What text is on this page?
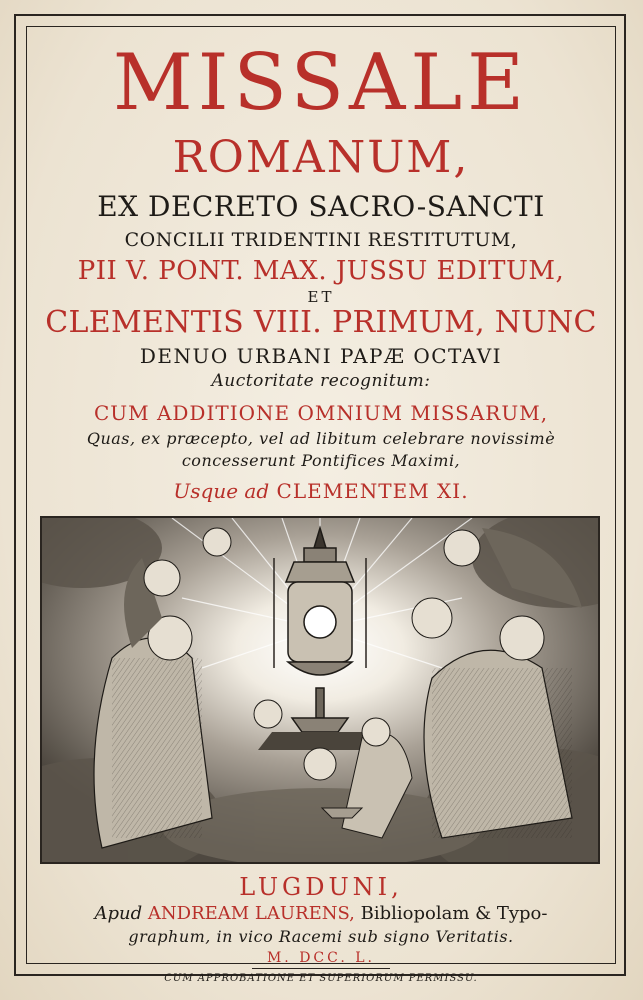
MISSALE
ROMANUM,
EX DECRETO SACRO-SANCTI
CONCILII TRIDENTINI RESTITUTUM,
PII V. PONT. MAX. JUSSU EDITUM,
ET
CLEMENTIS VIII. PRIMUM, NUNC
DENUO URBANI PAPÆ OCTAVI
Auctoritate recognitum:
CUM ADDITIONE OMNIUM MISSARUM,
Quas, ex præcepto, vel ad libitum celebrare novissimè
concesserunt Pontifices Maximi,
Usque ad CLEMENTEM XI.
LUGDUNI,
Apud ANDREAM LAURENS, Bibliopolam & Typo-
graphum, in vico Racemi sub signo Veritatis.
M. DCC. L.
CUM APPROBATIONE ET SUPERIORUM PERMISSU.
